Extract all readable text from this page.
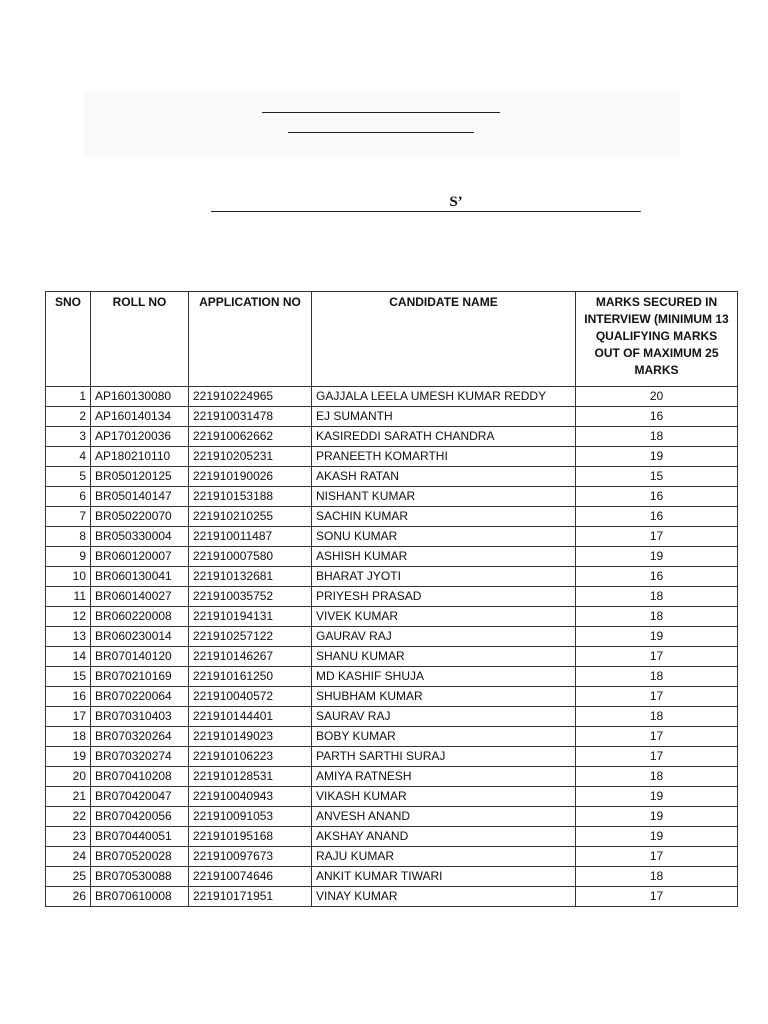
S’
SNO	ROLL NO	APPLICATION NO	CANDIDATE NAME	MARKS SECURED IN INTERVIEW (MINIMUM 13 QUALIFYING MARKS OUT OF MAXIMUM 25 MARKS
1	AP160130080	221910224965	GAJJALA LEELA UMESH KUMAR REDDY	20
2	AP160140134	221910031478	EJ SUMANTH	16
3	AP170120036	221910062662	KASIREDDI SARATH CHANDRA	18
4	AP180210110	221910205231	PRANEETH KOMARTHI	19
5	BR050120125	221910190026	AKASH RATAN	15
6	BR050140147	221910153188	NISHANT KUMAR	16
7	BR050220070	221910210255	SACHIN KUMAR	16
8	BR050330004	221910011487	SONU KUMAR	17
9	BR060120007	221910007580	ASHISH KUMAR	19
10	BR060130041	221910132681	BHARAT JYOTI	16
11	BR060140027	221910035752	PRIYESH PRASAD	18
12	BR060220008	221910194131	VIVEK KUMAR	18
13	BR060230014	221910257122	GAURAV RAJ	19
14	BR070140120	221910146267	SHANU KUMAR	17
15	BR070210169	221910161250	MD KASHIF SHUJA	18
16	BR070220064	221910040572	SHUBHAM KUMAR	17
17	BR070310403	221910144401	SAURAV RAJ	18
18	BR070320264	221910149023	BOBY KUMAR	17
19	BR070320274	221910106223	PARTH SARTHI SURAJ	17
20	BR070410208	221910128531	AMIYA RATNESH	18
21	BR070420047	221910040943	VIKASH KUMAR	19
22	BR070420056	221910091053	ANVESH ANAND	19
23	BR070440051	221910195168	AKSHAY ANAND	19
24	BR070520028	221910097673	RAJU KUMAR	17
25	BR070530088	221910074646	ANKIT KUMAR TIWARI	18
26	BR070610008	221910171951	VINAY KUMAR	17
